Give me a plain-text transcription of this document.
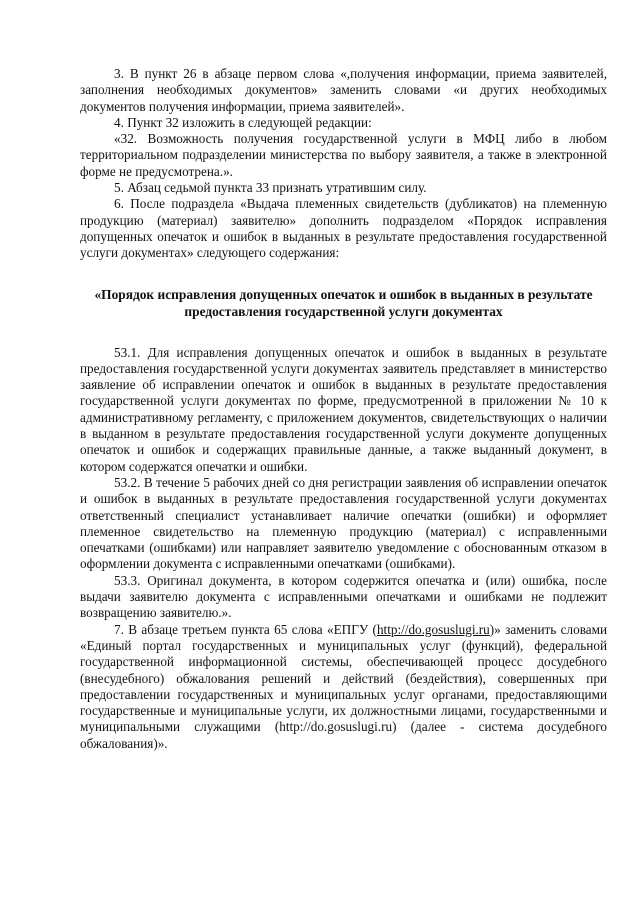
3. В пункт 26 в абзаце первом слова «,получения информации, приема заявителей, заполнения необходимых документов» заменить словами «и других необходимых документов получения информации, приема заявителей».

4. Пункт 32 изложить в следующей редакции:

«32. Возможность получения государственной услуги в МФЦ либо в любом территориальном подразделении министерства по выбору заявителя, а также в электронной форме не предусмотрена.».

5. Абзац седьмой пункта 33 признать утратившим силу.

6. После подраздела «Выдача племенных свидетельств (дубликатов) на племенную продукцию (материал) заявителю» дополнить подразделом «Порядок исправления допущенных опечаток и ошибок в выданных в результате предоставления государственной услуги документах» следующего содержания:

«Порядок исправления допущенных опечаток и ошибок в выданных в результате предоставления государственной услуги документах

53.1. Для исправления допущенных опечаток и ошибок в выданных в результате предоставления государственной услуги документах заявитель представляет в министерство заявление об исправлении опечаток и ошибок в выданных в результате предоставления государственной услуги документах по форме, предусмотренной в приложении № 10 к административному регламенту, с приложением документов, свидетельствующих о наличии в выданном в результате предоставления государственной услуги документе допущенных опечаток и ошибок и содержащих правильные данные, а также выданный документ, в котором содержатся опечатки и ошибки.

53.2. В течение 5 рабочих дней со дня регистрации заявления об исправлении опечаток и ошибок в выданных в результате предоставления государственной услуги документах ответственный специалист устанавливает наличие опечатки (ошибки) и оформляет племенное свидетельство на племенную продукцию (материал) с исправленными опечатками (ошибками) или направляет заявителю уведомление с обоснованным отказом в оформлении документа с исправленными опечатками (ошибками).

53.3. Оригинал документа, в котором содержится опечатка и (или) ошибка, после выдачи заявителю документа с исправленными опечатками и ошибками не подлежит возвращению заявителю.».

7. В абзаце третьем пункта 65 слова «ЕПГУ (http://do.gosuslugi.ru)» заменить словами «Единый портал государственных и муниципальных услуг (функций), федеральной государственной информационной системы, обеспечивающей процесс досудебного (внесудебного) обжалования решений и действий (бездействия), совершенных при предоставлении государственных и муниципальных услуг органами, предоставляющими государственные и муниципальные услуги, их должностными лицами, государственными и муниципальными служащими (http://do.gosuslugi.ru) (далее - система досудебного обжалования)».
